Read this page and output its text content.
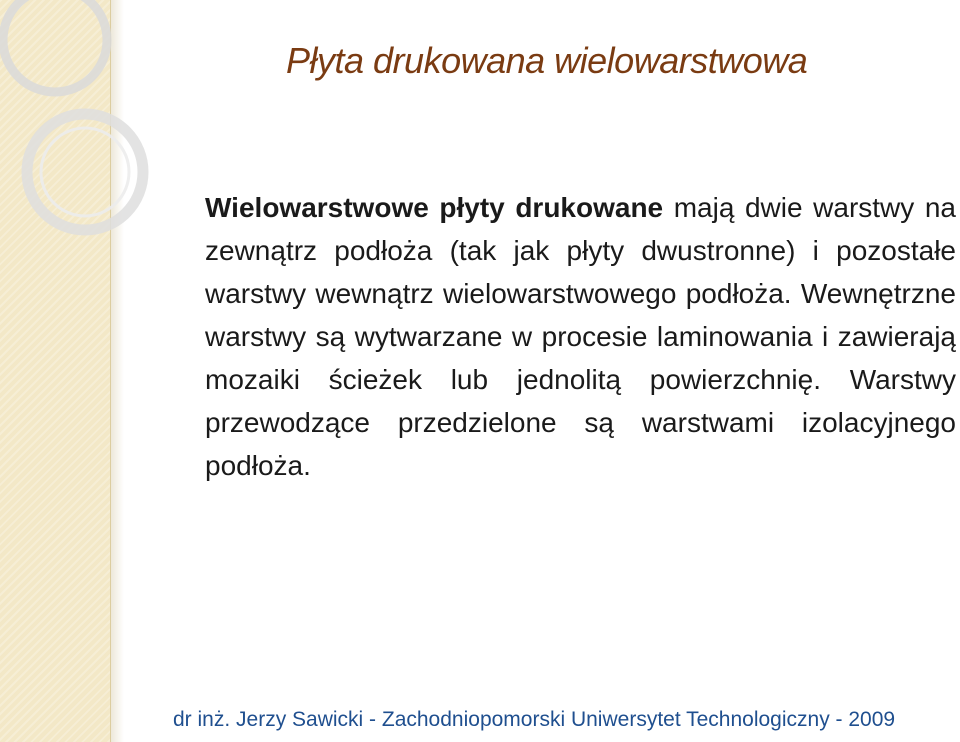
Płyta drukowana wielowarstwowa

Wielowarstwowe płyty drukowane mają dwie warstwy na zewnątrz podłoża (tak jak płyty dwustronne) i pozostałe warstwy wewnątrz wielowarstwowego podłoża. Wewnętrzne warstwy są wytwarzane w procesie laminowania i zawierają mozaiki ścieżek lub jednolitą powierzchnię. Warstwy przewodzące przedzielone są warstwami izolacyjnego podłoża.

dr inż. Jerzy Sawicki - Zachodniopomorski Uniwersytet Technologiczny - 2009
